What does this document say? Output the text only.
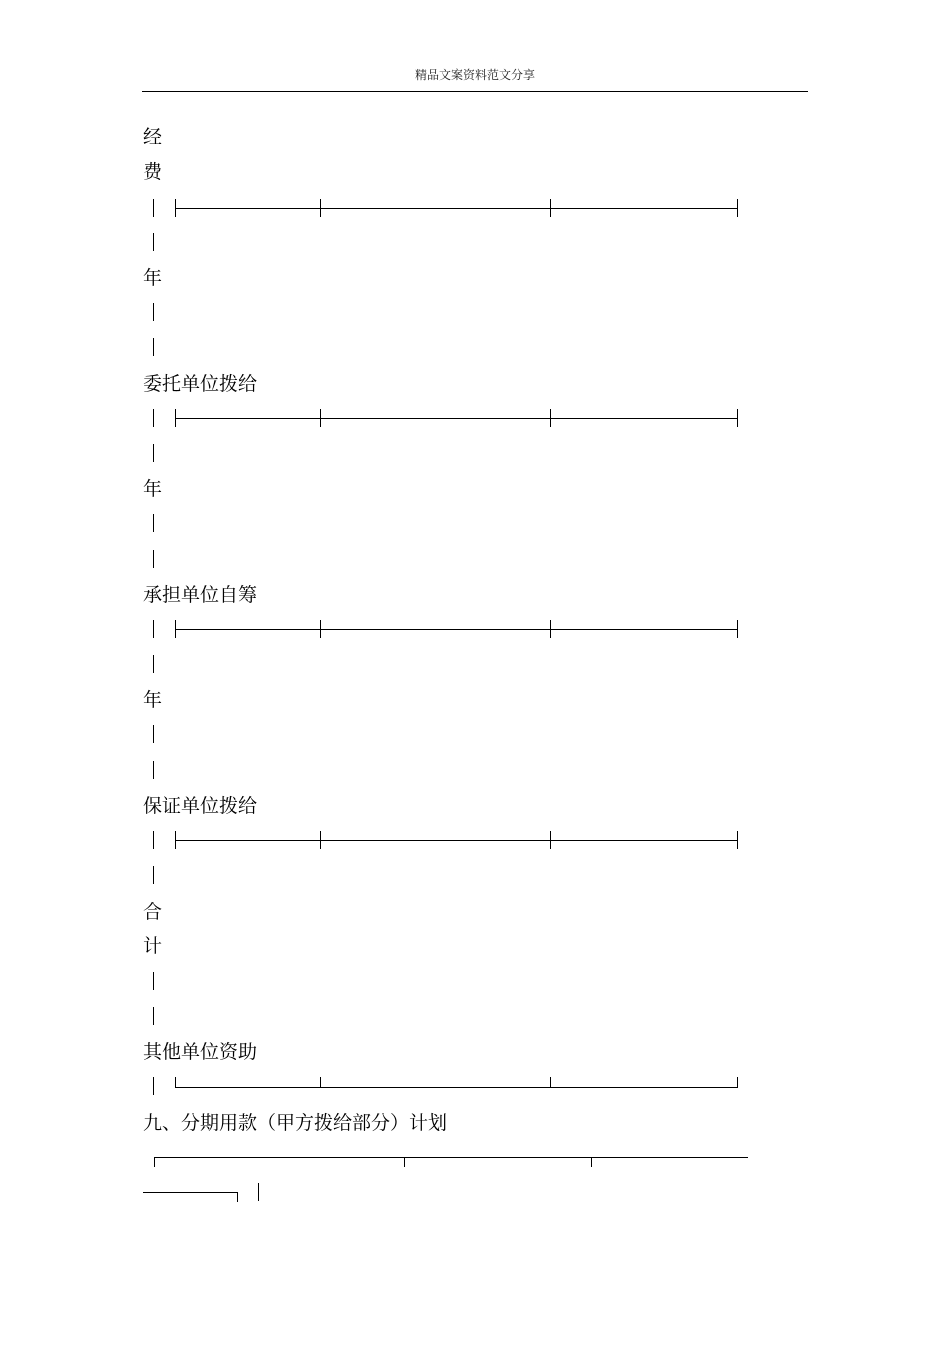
精品文案资料范文分享
经
费
年
委托单位拨给
年
承担单位自筹
年
保证单位拨给
合
计
其他单位资助
九、分期用款（甲方拨给部分）计划
